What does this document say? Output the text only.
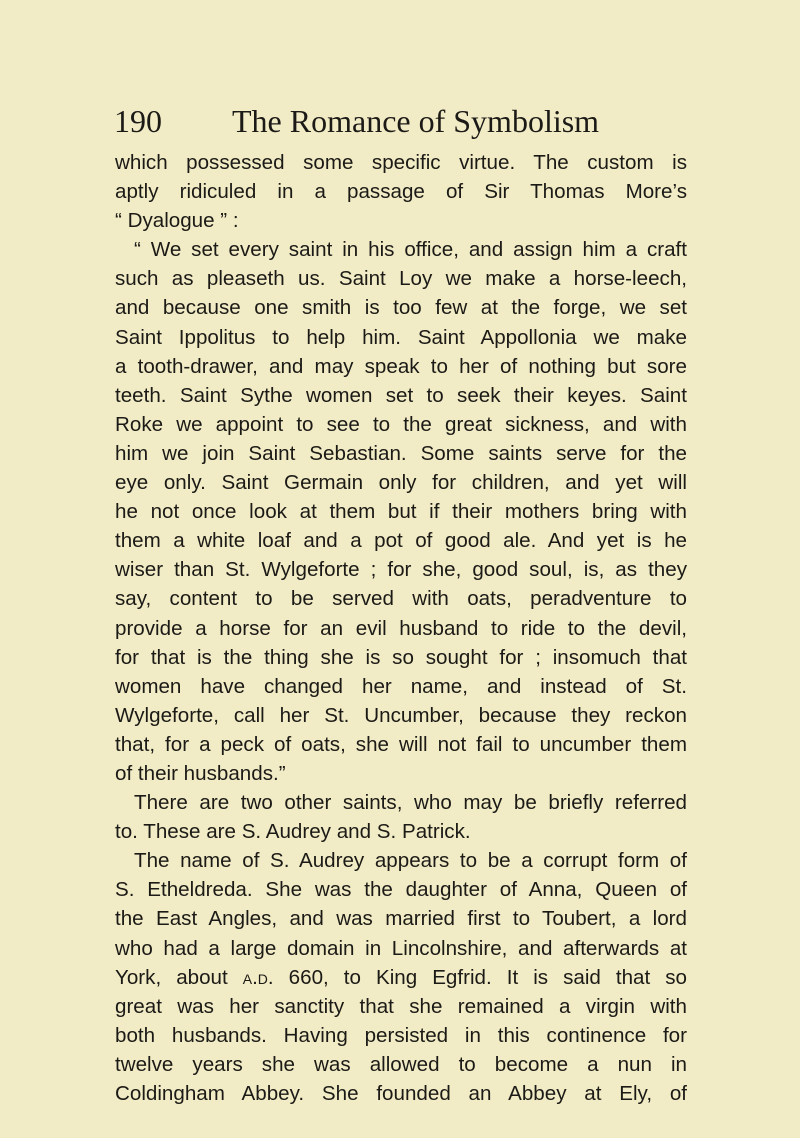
190 The Romance of Symbolism
which possessed some specific virtue. The custom is
aptly ridiculed in a passage of Sir Thomas More’s
“ Dyalogue ” :
“ We set every saint in his office, and assign him a craft
such as pleaseth us. Saint Loy we make a horse-leech,
and because one smith is too few at the forge, we set
Saint Ippolitus to help him. Saint Appollonia we make
a tooth-drawer, and may speak to her of nothing but sore
teeth. Saint Sythe women set to seek their keyes. Saint
Roke we appoint to see to the great sickness, and with
him we join Saint Sebastian. Some saints serve for the
eye only. Saint Germain only for children, and yet will
he not once look at them but if their mothers bring with
them a white loaf and a pot of good ale. And yet is he
wiser than St. Wylgeforte ; for she, good soul, is, as they
say, content to be served with oats, peradventure to
provide a horse for an evil husband to ride to the devil,
for that is the thing she is so sought for ; insomuch that
women have changed her name, and instead of St.
Wylgeforte, call her St. Uncumber, because they reckon
that, for a peck of oats, she will not fail to uncumber them
of their husbands.”
There are two other saints, who may be briefly referred
to. These are S. Audrey and S. Patrick.
The name of S. Audrey appears to be a corrupt form of
S. Etheldreda. She was the daughter of Anna, Queen of
the East Angles, and was married first to Toubert, a lord
who had a large domain in Lincolnshire, and afterwards at
York, about a.d. 660, to King Egfrid. It is said that so
great was her sanctity that she remained a virgin with
both husbands. Having persisted in this continence for
twelve years she was allowed to become a nun in
Coldingham Abbey. She founded an Abbey at Ely, of
